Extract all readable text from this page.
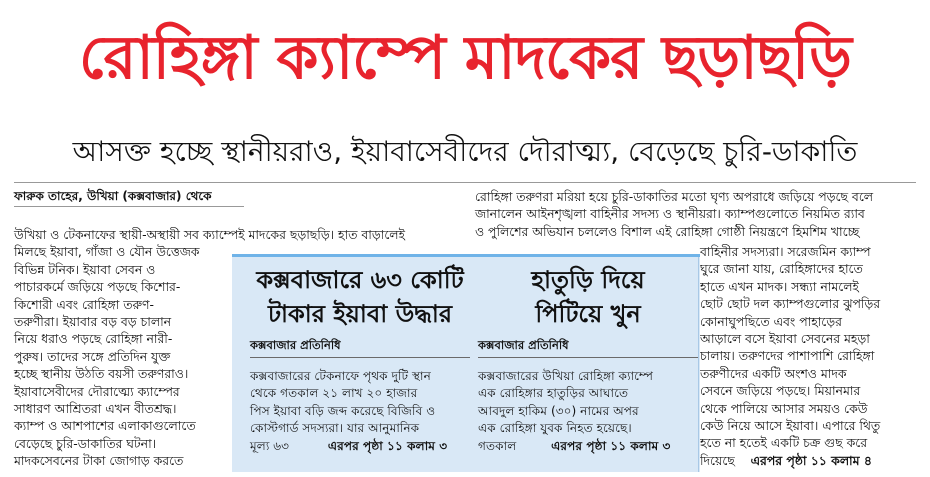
রোহিঙ্গা ক্যাম্পে মাদকের ছড়াছড়ি
আসক্ত হচ্ছে স্থানীয়রাও, ইয়াবাসেবীদের দৌরাত্ম্য, বেড়েছে চুরি-ডাকাতি
ফারুক তাহের, উখিয়া (কক্সবাজার) থেকে
উখিয়া ও টেকনাফের স্থায়ী-অস্থায়ী সব ক্যাম্পেই মাদকের ছড়াছড়ি। হাত বাড়ালেই
মিলছে ইয়াবা, গাঁজা ও যৌন উত্তেজক
বিভিন্ন টনিক। ইয়াবা সেবন ও
পাচারকর্মে জড়িয়ে পড়ছে কিশোর-
কিশোরী এবং রোহিঙ্গা তরুণ-
তরুণীরা। ইয়াবার বড় বড় চালান
নিয়ে ধরাও পড়ছে রোহিঙ্গা নারী-
পুরুষ। তাদের সঙ্গে প্রতিদিন যুক্ত
হচ্ছে স্থানীয় উঠতি বয়সী তরুণরাও।
ইয়াবাসেবীদের দৌরাত্ম্যে ক্যাম্পের
সাধারণ আশ্রিতরা এখন বীতশ্রদ্ধ।
ক্যাম্প ও আশপাশের এলাকাগুলোতে
বেড়েছে চুরি-ডাকাতির ঘটনা।
মাদকসেবনের টাকা জোগাড় করতে
রোহিঙ্গা তরুণরা মরিয়া হয়ে চুরি-ডাকাতির মতো ঘৃণ্য অপরাধে জড়িয়ে পড়ছে বলে
জানালেন আইনশৃঙ্খলা বাহিনীর সদস্য ও স্থানীয়রা। ক্যাম্পগুলোতে নিয়মিত র‌্যাব
ও পুলিশের অভিযান চললেও বিশাল এই রোহিঙ্গা গোষ্ঠী নিয়ন্ত্রণে হিমশিম খাচ্ছে
বাহিনীর সদস্যরা। সরেজমিন ক্যাম্প
ঘুরে জানা যায়, রোহিঙ্গাদের হাতে
হাতে এখন মাদক। সন্ধ্যা নামলেই
ছোট ছোট দল ক্যাম্পগুলোর ঝুপড়ির
কোনাঘুপছিতে এবং পাহাড়ের
আড়ালে বসে ইয়াবা সেবনের মহড়া
চালায়। তরুণদের পাশাপাশি রোহিঙ্গা
তরুণীদের একটি অংশও মাদক
সেবনে জড়িয়ে পড়ছে। মিয়ানমার
থেকে পালিয়ে আসার সময়ও কেউ
কেউ নিয়ে আসে ইয়াবা। এপারে থিতু
হতে না হতেই একটি চক্র গুছ করে
দিয়েছে এরপর পৃষ্ঠা ১১ কলাম ৪
কক্সবাজারে ৬৩ কোটি
টাকার ইয়াবা উদ্ধার
কক্সবাজার প্রতিনিধি
কক্সবাজারের টেকনাফে পৃথক দুটি স্থান
থেকে গতকাল ২১ লাখ ২০ হাজার
পিস ইয়াবা বড়ি জব্দ করেছে বিজিবি ও
কোস্টগার্ড সদস্যরা। যার আনুমানিক
মূল্য ৬৩	এরপর পৃষ্ঠা ১১ কলাম ৩
হাতুড়ি দিয়ে
পিটিয়ে খুন
কক্সবাজার প্রতিনিধি
কক্সবাজারের উখিয়া রোহিঙ্গা ক্যাম্পে
এক রোহিঙ্গার হাতুড়ির আঘাতে
আবদুল হাকিম (৩০) নামের অপর
এক রোহিঙ্গা যুবক নিহত হয়েছে।
গতকাল	এরপর পৃষ্ঠা ১১ কলাম ৩
